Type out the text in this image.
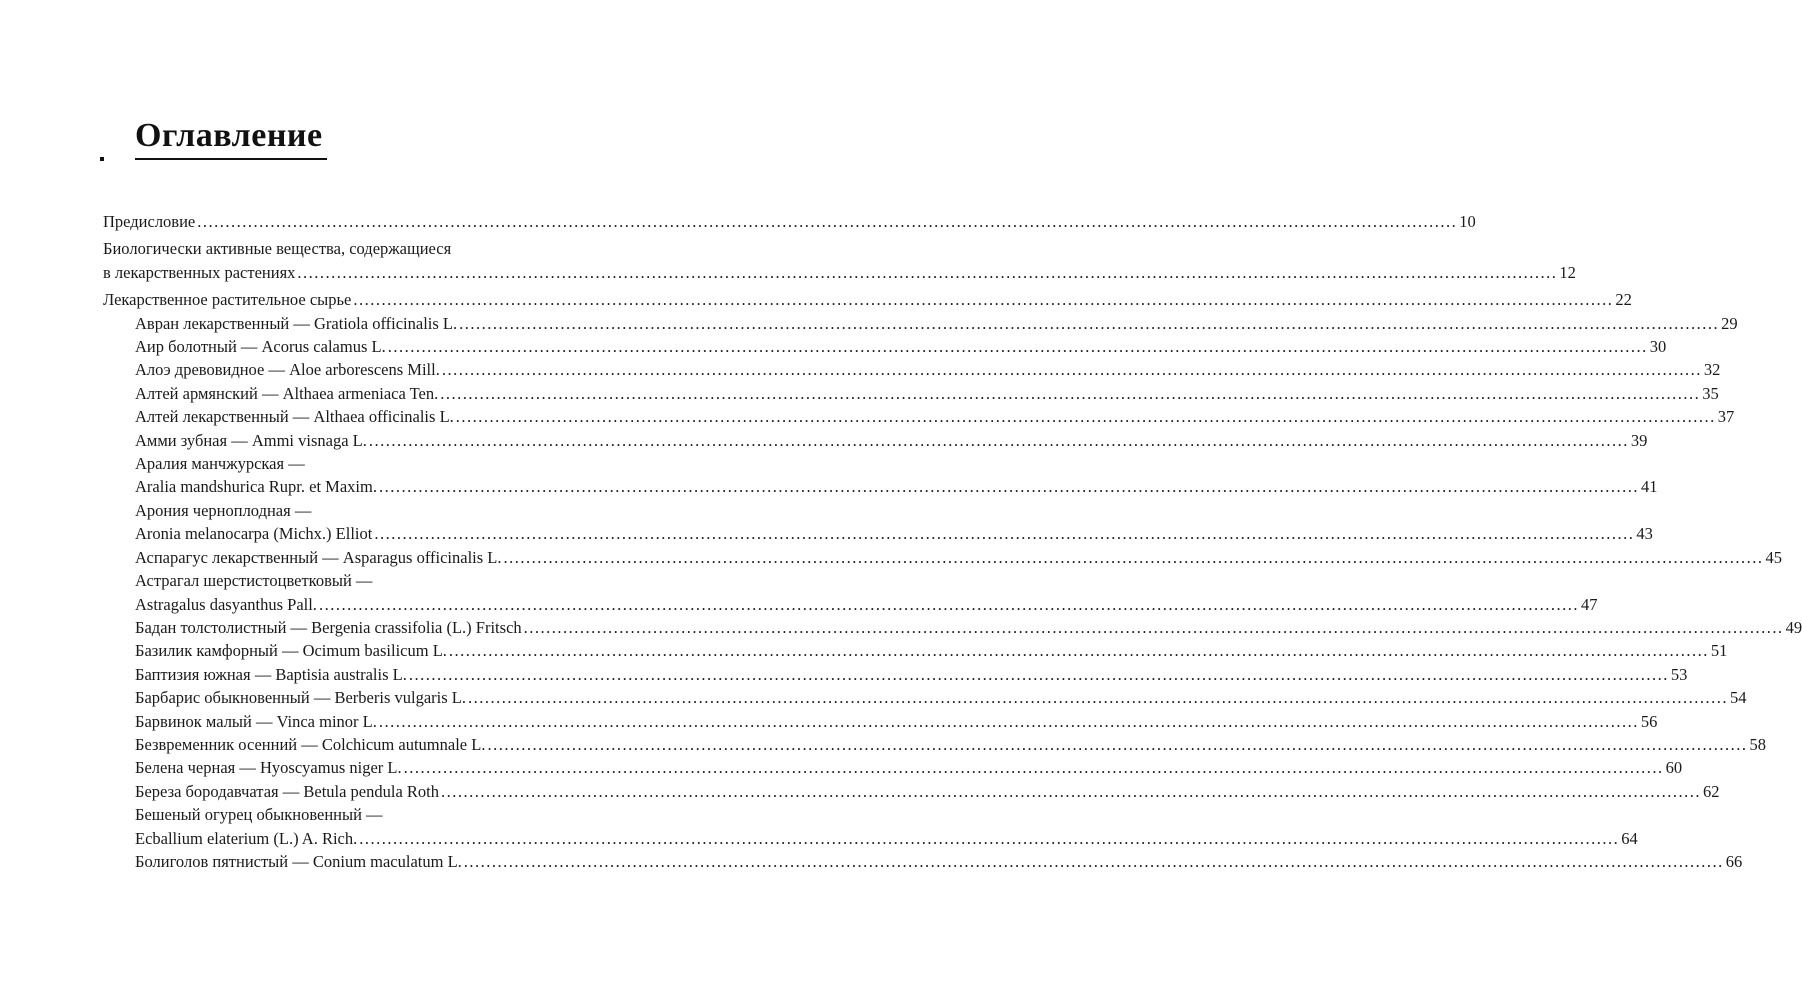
Оглавление
Предисловие .....	10
Биологически активные вещества, содержащиеся
в лекарственных растениях .....	12
Лекарственное растительное сырье .....	22
Авран лекарственный — Gratiola officinalis L. .....	29
Аир болотный — Acorus calamus L. .....	30
Алоэ древовидное — Aloe arborescens Mill. .....	32
Алтей армянский — Althaea armeniaca Ten. .....	35
Алтей лекарственный — Althaea officinalis L. .....	37
Амми зубная — Ammi visnaga L. .....	39
Аралия манчжурская —
Aralia mandshurica Rupr. et Maxim. .....	41
Арония черноплодная —
Aronia melanocarpa (Michx.) Elliot .....	43
Аспарагус лекарственный — Asparagus officinalis L. .....	45
Астрагал шерстистоцветковый —
Astragalus dasyanthus Pall. .....	47
Бадан толстолистный — Bergenia crassifolia (L.) Fritsch .....	49
Базилик камфорный — Ocimum basilicum L. .....	51
Баптизия южная — Baptisia australis L. .....	53
Барбарис обыкновенный — Berberis vulgaris L. .....	54
Барвинок малый — Vinca minor L. .....	56
Безвременник осенний — Colchicum autumnale L. .....	58
Белена черная — Hyoscyamus niger L. .....	60
Береза бородавчатая — Betula pendula Roth .....	62
Бешеный огурец обыкновенный —
Ecballium elaterium (L.) A. Rich. .....	64
Болиголов пятнистый — Conium maculatum L. .....	66
